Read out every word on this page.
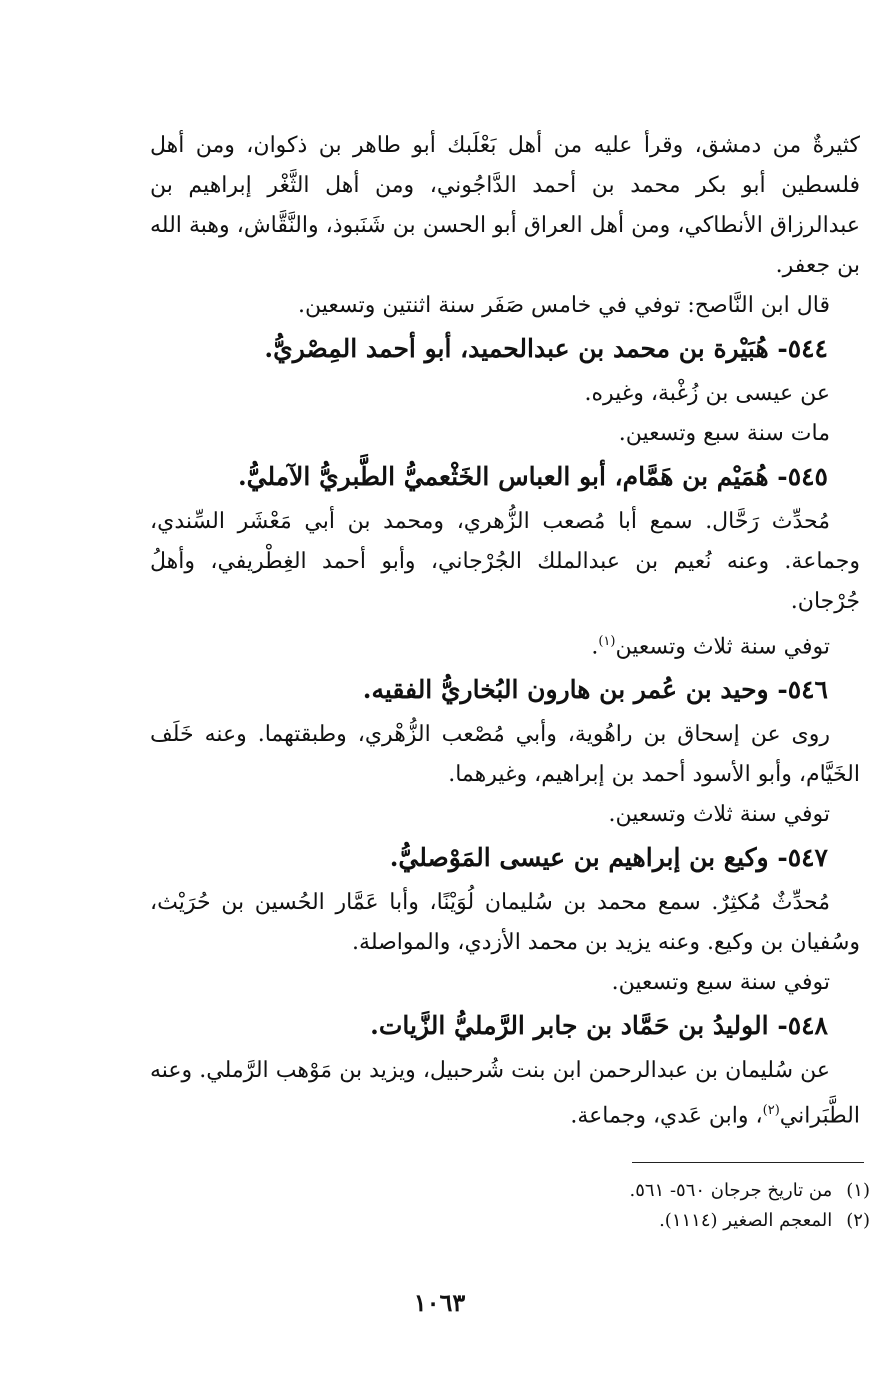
كثيرةٌ من دمشق، وقرأ عليه من أهل بَعْلَبك أبو طاهر بن ذكوان، ومن أهل فلسطين أبو بكر محمد بن أحمد الدَّاجُوني، ومن أهل الثَّغْر إبراهيم بن عبدالرزاق الأنطاكي، ومن أهل العراق أبو الحسن بن شَنَبوذ، والنَّقَّاش، وهبة الله بن جعفر.

قال ابن النَّاصح: توفي في خامس صَفَر سنة اثنتين وتسعين.

٥٤٤- هُبَيْرة بن محمد بن عبدالحميد، أبو أحمد المِصْريُّ.

عن عيسى بن زُغْبة، وغيره.

مات سنة سبع وتسعين.

٥٤٥- هُمَيْم بن هَمَّام، أبو العباس الخَثْعميُّ الطَّبريُّ الآمليُّ.

مُحدِّث رَحَّال. سمع أبا مُصعب الزُّهري، ومحمد بن أبي مَعْشَر السِّندي، وجماعة. وعنه نُعيم بن عبدالملك الجُرْجاني، وأبو أحمد الغِطْريفي، وأهلُ جُرْجان.

توفي سنة ثلاث وتسعين$^{(١)}$.

٥٤٦- وحيد بن عُمر بن هارون البُخاريُّ الفقيه.

روى عن إسحاق بن راهُوية، وأبي مُصْعب الزُّهْري، وطبقتهما. وعنه خَلَف الخَيَّام، وأبو الأسود أحمد بن إبراهيم، وغيرهما.

توفي سنة ثلاث وتسعين.

٥٤٧- وكيع بن إبراهيم بن عيسى المَوْصليُّ.

مُحدِّثٌ مُكثِرٌ. سمع محمد بن سُليمان لُوَيْنًا، وأبا عَمَّار الحُسين بن حُرَيْث، وسُفيان بن وكيع. وعنه يزيد بن محمد الأزدي، والمواصلة.

توفي سنة سبع وتسعين.

٥٤٨- الوليدُ بن حَمَّاد بن جابر الرَّمليُّ الزَّيات.

عن سُليمان بن عبدالرحمن ابن بنت شُرحبيل، ويزيد بن مَوْهب الرَّملي. وعنه الطَّبَراني$^{(٢)}$، وابن عَدي، وجماعة.

(١)من تاريخ جرجان ٥٦٠- ٥٦١.

(٢)المعجم الصغير (١١١٤).

١٠٦٣
